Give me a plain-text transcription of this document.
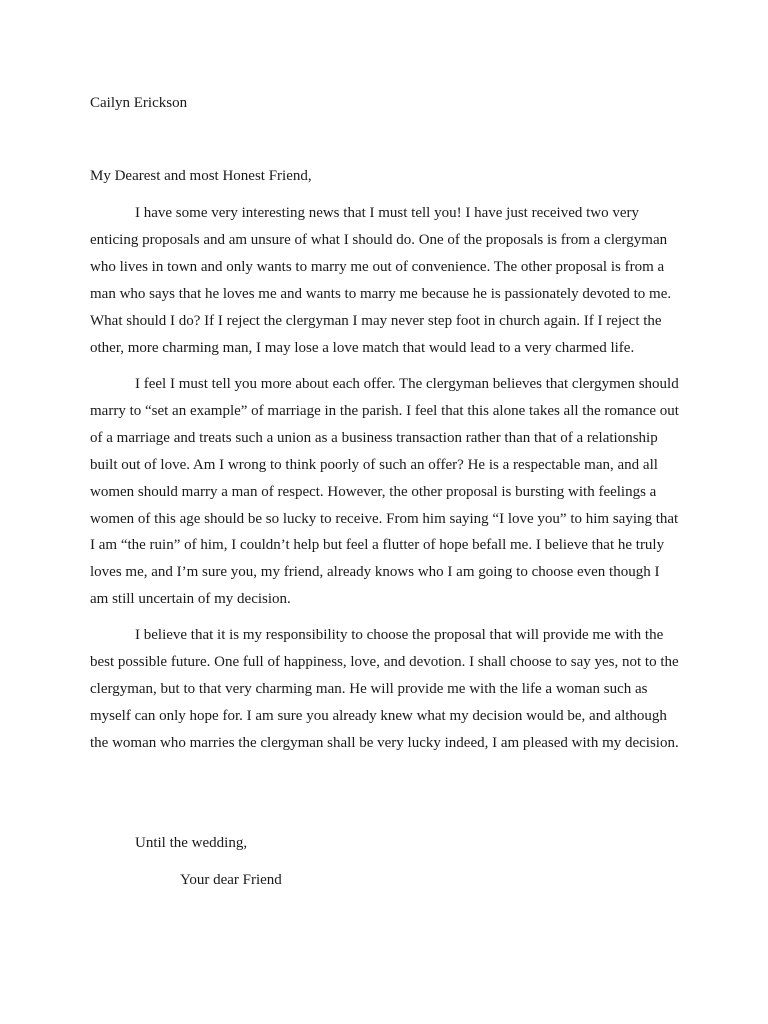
Cailyn Erickson
My Dearest and most Honest Friend,

I have some very interesting news that I must tell you! I have just received two very enticing proposals and am unsure of what I should do. One of the proposals is from a clergyman who lives in town and only wants to marry me out of convenience. The other proposal is from a man who says that he loves me and wants to marry me because he is passionately devoted to me. What should I do? If I reject the clergyman I may never step foot in church again. If I reject the other, more charming man, I may lose a love match that would lead to a very charmed life.

I feel I must tell you more about each offer. The clergyman believes that clergymen should marry to “set an example” of marriage in the parish. I feel that this alone takes all the romance out of a marriage and treats such a union as a business transaction rather than that of a relationship built out of love. Am I wrong to think poorly of such an offer? He is a respectable man, and all women should marry a man of respect. However, the other proposal is bursting with feelings a women of this age should be so lucky to receive. From him saying “I love you” to him saying that I am “the ruin” of him, I couldn’t help but feel a flutter of hope befall me. I believe that he truly loves me, and I’m sure you, my friend, already knows who I am going to choose even though I am still uncertain of my decision.

I believe that it is my responsibility to choose the proposal that will provide me with the best possible future. One full of happiness, love, and devotion. I shall choose to say yes, not to the clergyman, but to that very charming man. He will provide me with the life a woman such as myself can only hope for. I am sure you already knew what my decision would be, and although the woman who marries the clergyman shall be very lucky indeed, I am pleased with my decision.

Until the wedding,
Your dear Friend
